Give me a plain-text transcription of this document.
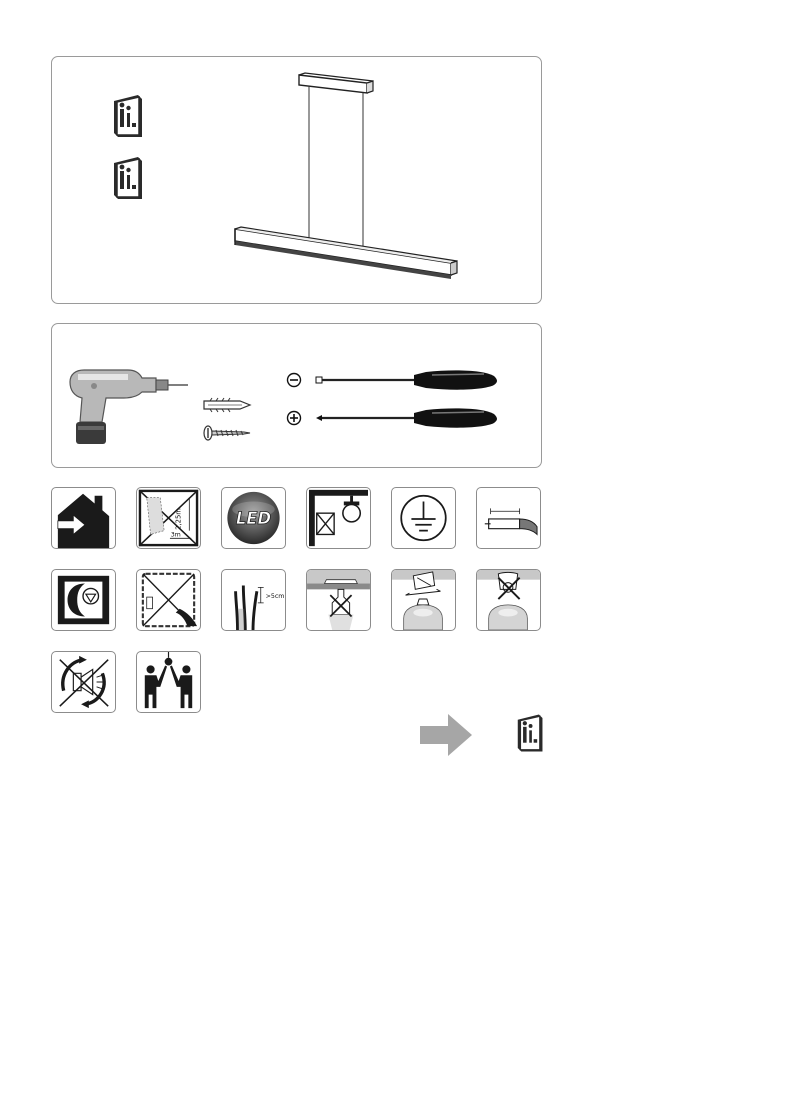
2,25m
3m
LED
>5cm
